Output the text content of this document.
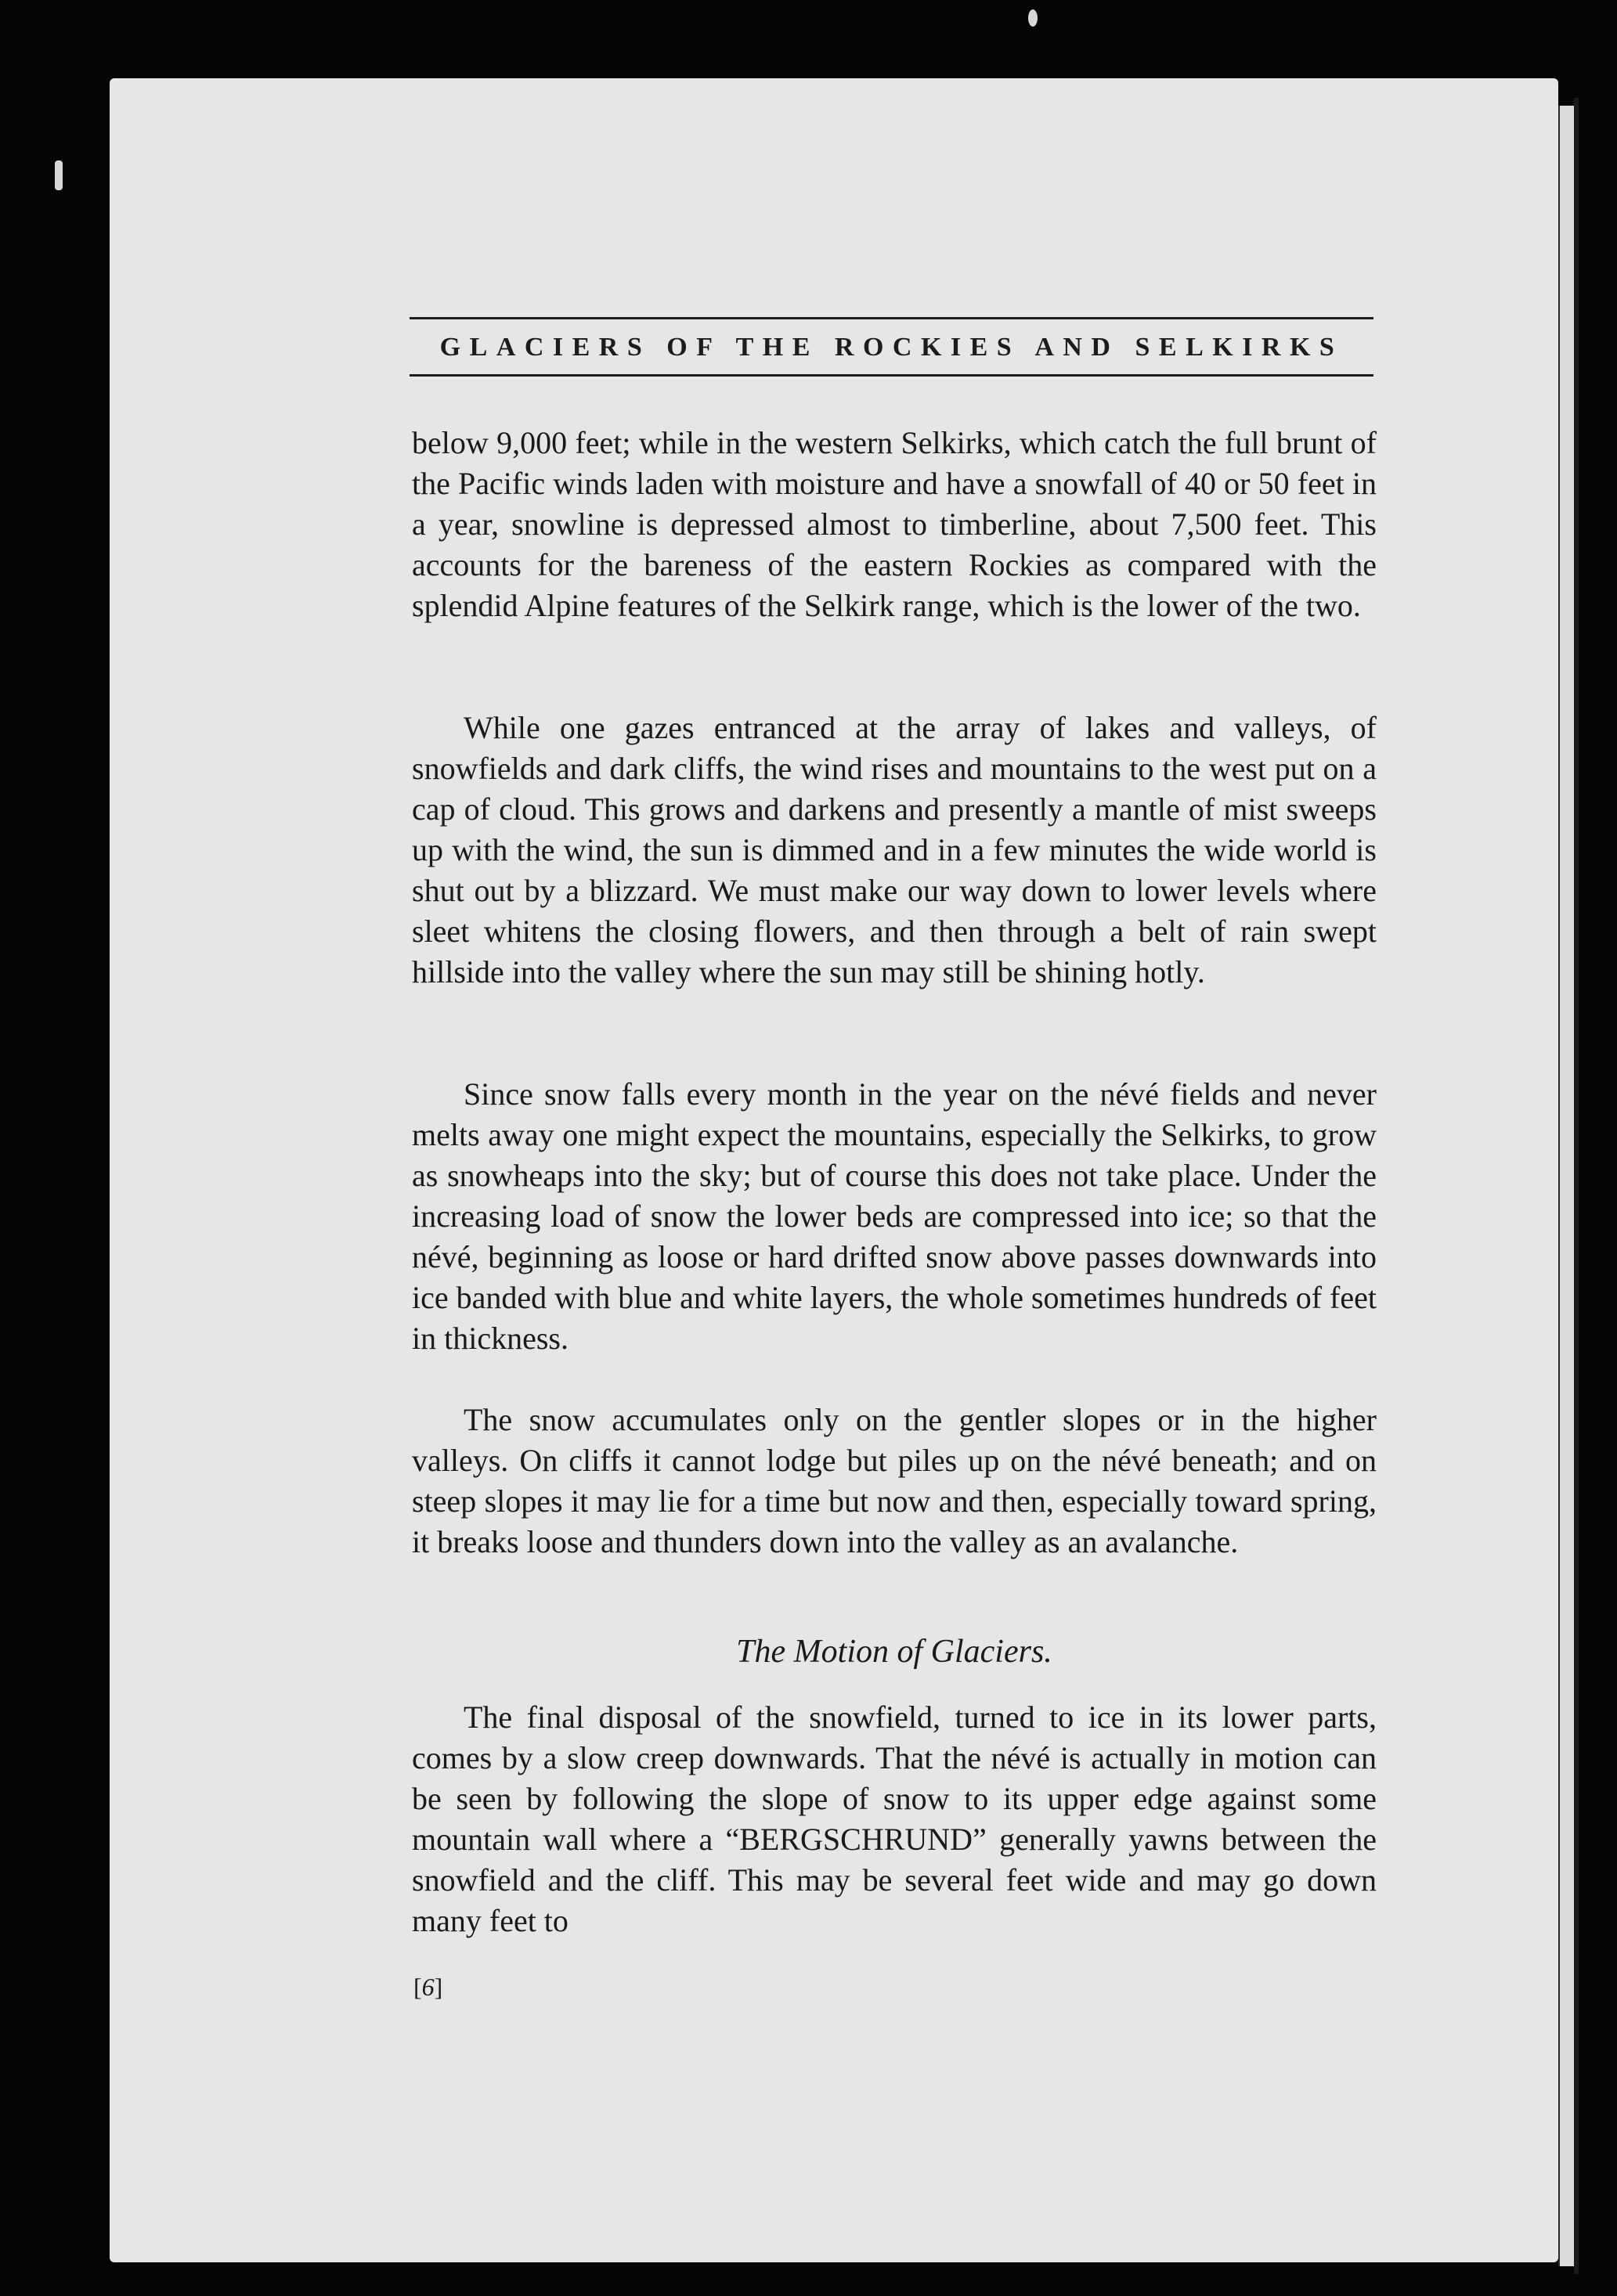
GLACIERS OF THE ROCKIES AND SELKIRKS

below 9,000 feet; while in the western Selkirks, which catch the full brunt of the Pacific winds laden with moisture and have a snowfall of 40 or 50 feet in a year, snowline is depressed almost to timberline, about 7,500 feet. This accounts for the bareness of the eastern Rockies as compared with the splendid Alpine features of the Selkirk range, which is the lower of the two.

While one gazes entranced at the array of lakes and valleys, of snowfields and dark cliffs, the wind rises and mountains to the west put on a cap of cloud. This grows and darkens and presently a mantle of mist sweeps up with the wind, the sun is dimmed and in a few minutes the wide world is shut out by a blizzard. We must make our way down to lower levels where sleet whitens the closing flowers, and then through a belt of rain swept hillside into the valley where the sun may still be shining hotly.

Since snow falls every month in the year on the névé fields and never melts away one might expect the mountains, especially the Selkirks, to grow as snowheaps into the sky; but of course this does not take place. Under the increasing load of snow the lower beds are compressed into ice; so that the névé, beginning as loose or hard drifted snow above passes downwards into ice banded with blue and white layers, the whole sometimes hundreds of feet in thickness.

The snow accumulates only on the gentler slopes or in the higher valleys. On cliffs it cannot lodge but piles up on the névé beneath; and on steep slopes it may lie for a time but now and then, especially toward spring, it breaks loose and thunders down into the valley as an avalanche.

The Motion of Glaciers.

The final disposal of the snowfield, turned to ice in its lower parts, comes by a slow creep downwards. That the névé is actually in motion can be seen by following the slope of snow to its upper edge against some mountain wall where a “BERGSCHRUND” generally yawns between the snowfield and the cliff. This may be several feet wide and may go down many feet to

[6]
